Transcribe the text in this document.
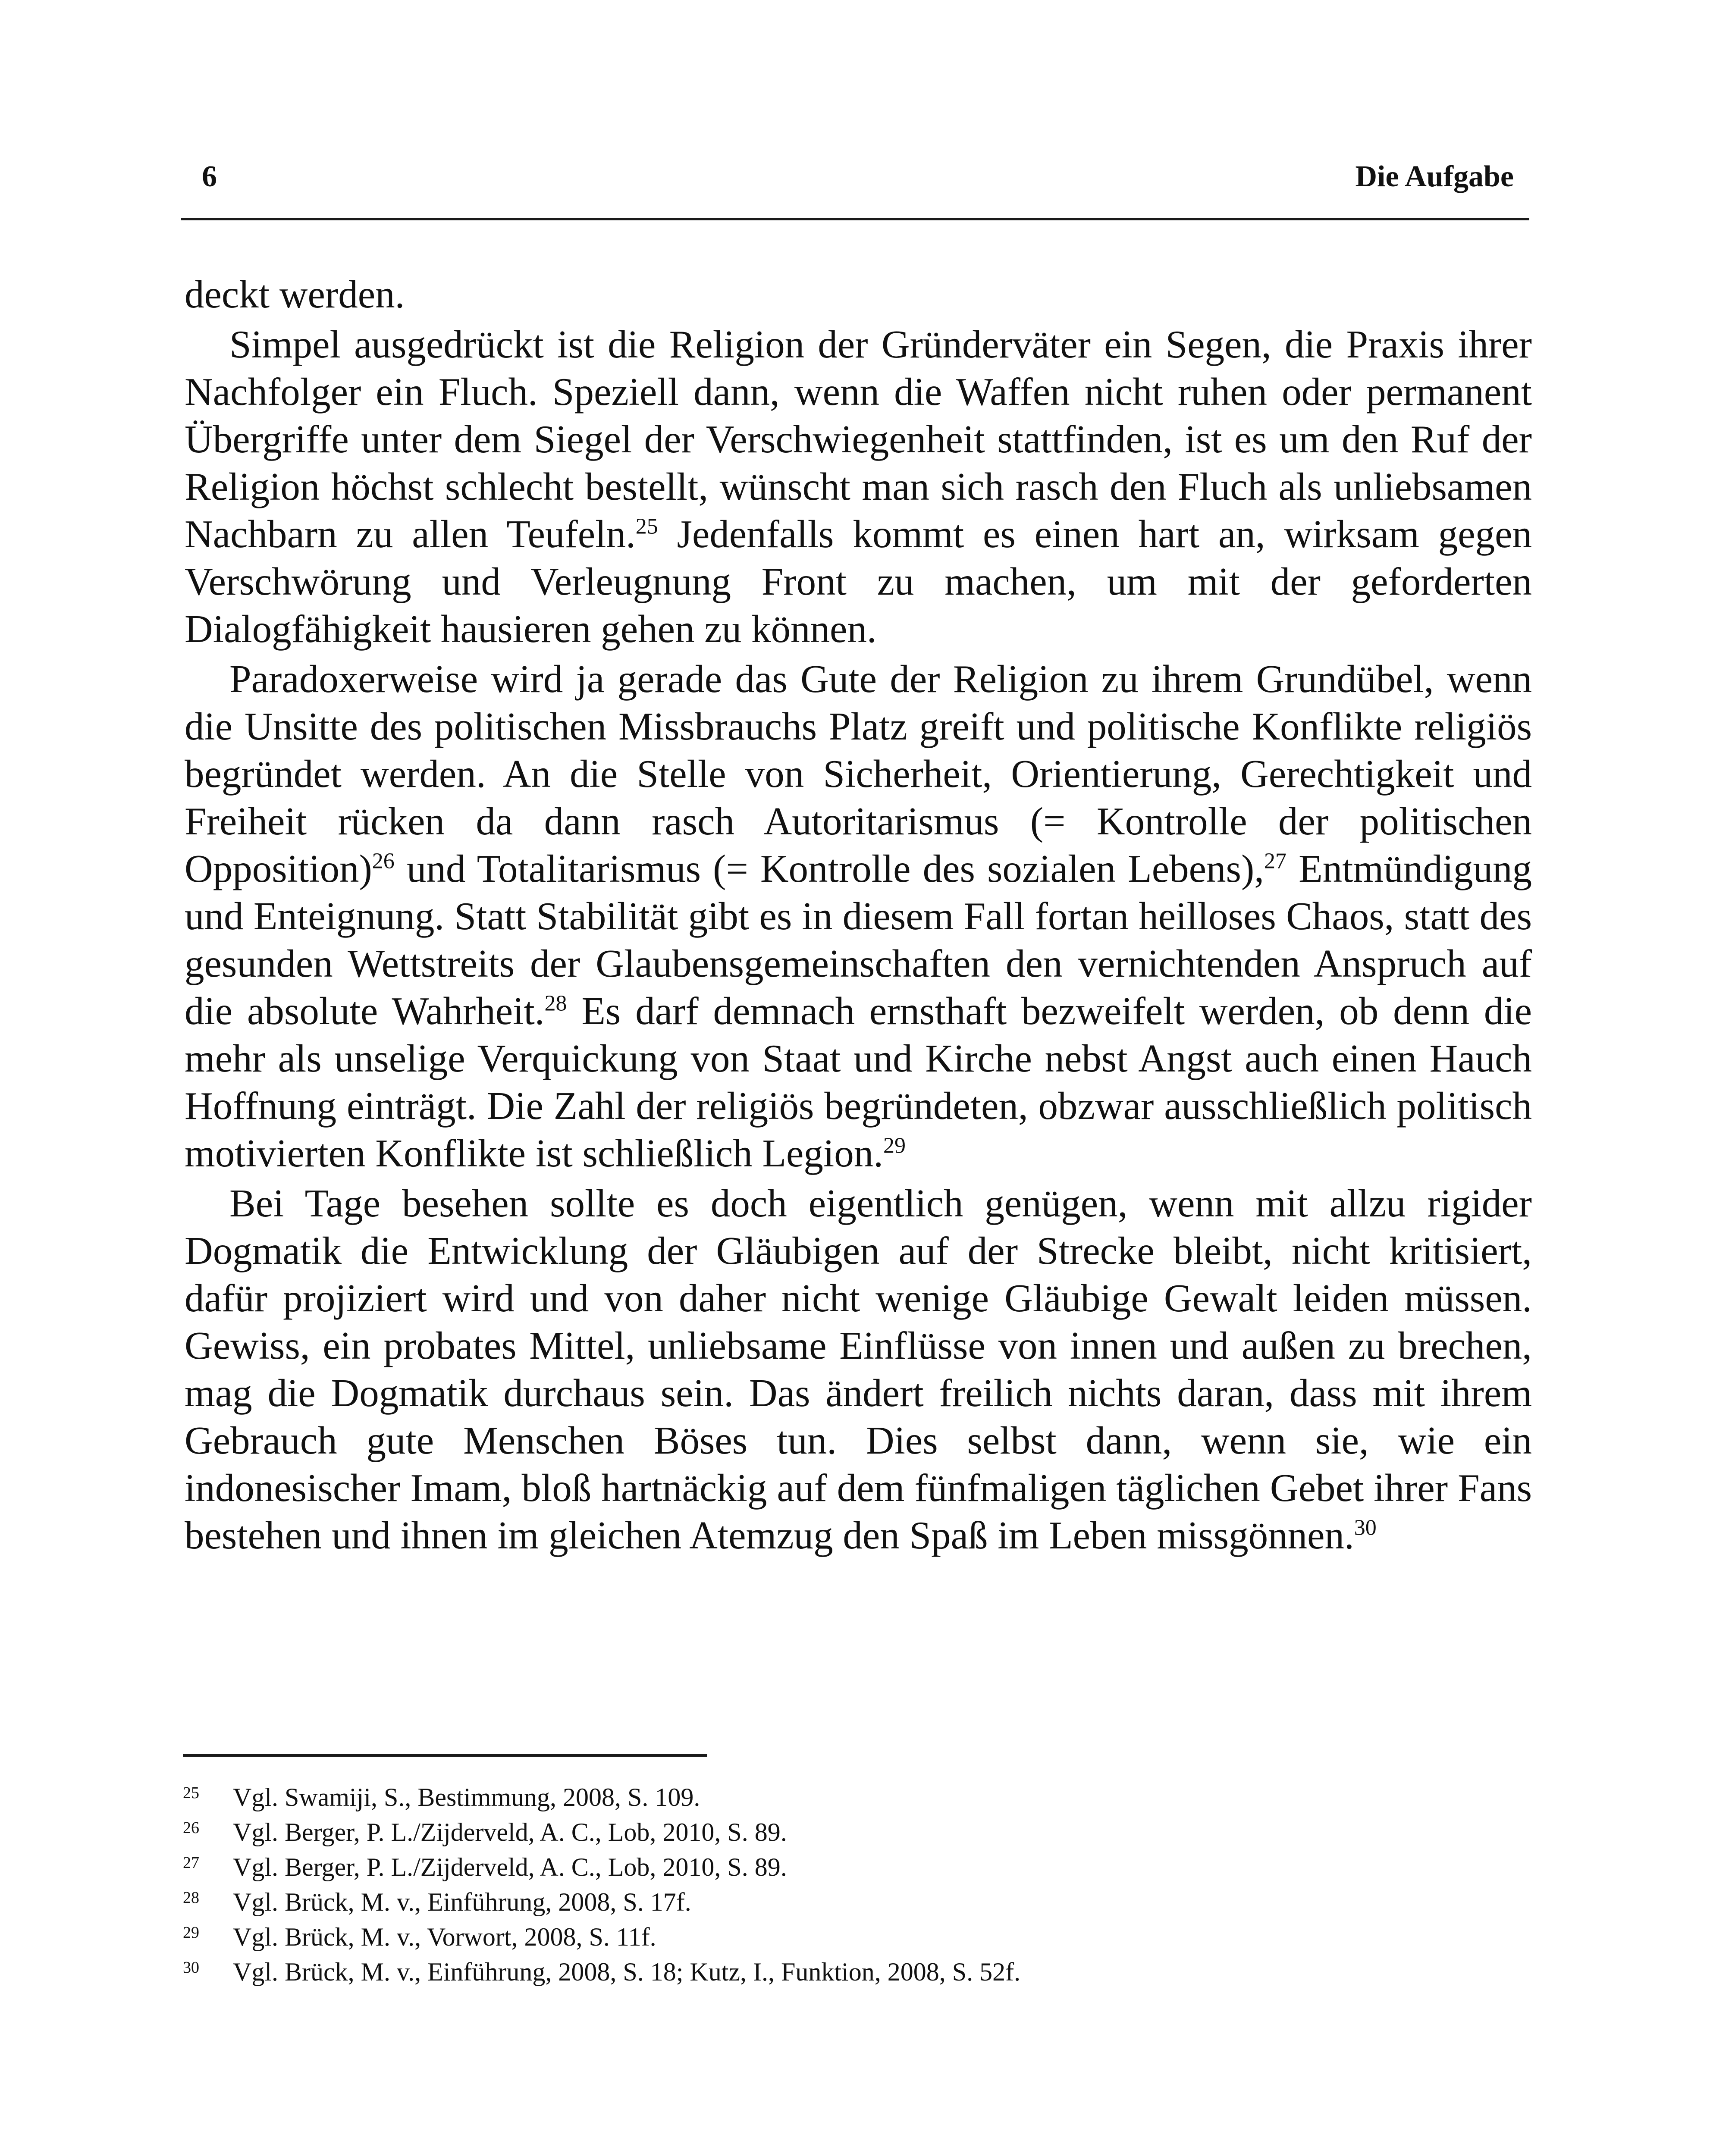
6	Die Aufgabe

deckt werden.

Simpel ausgedrückt ist die Religion der Gründerväter ein Segen, die Praxis ihrer Nachfolger ein Fluch. Speziell dann, wenn die Waffen nicht ruhen oder permanent Übergriffe unter dem Siegel der Verschwiegenheit stattfinden, ist es um den Ruf der Religion höchst schlecht bestellt, wünscht man sich rasch den Fluch als unliebsamen Nachbarn zu allen Teufeln.$^{25}$ Jedenfalls kommt es einen hart an, wirksam gegen Verschwörung und Verleugnung Front zu machen, um mit der geforderten Dialogfähigkeit hausieren gehen zu können.

Paradoxerweise wird ja gerade das Gute der Religion zu ihrem Grundübel, wenn die Unsitte des politischen Missbrauchs Platz greift und politische Konflikte religiös begründet werden. An die Stelle von Sicherheit, Orientierung, Gerechtigkeit und Freiheit rücken da dann rasch Autoritarismus (= Kontrolle der politischen Opposition)$^{26}$ und Totalitarismus (= Kontrolle des sozialen Lebens),$^{27}$ Entmündigung und Enteignung. Statt Stabilität gibt es in diesem Fall fortan heilloses Chaos, statt des gesunden Wettstreits der Glaubensgemeinschaften den vernichtenden Anspruch auf die absolute Wahrheit.$^{28}$ Es darf demnach ernsthaft bezweifelt werden, ob denn die mehr als unselige Verquickung von Staat und Kirche nebst Angst auch einen Hauch Hoffnung einträgt. Die Zahl der religiös begründeten, obzwar ausschließlich politisch motivierten Konflikte ist schließlich Legion.$^{29}$

Bei Tage besehen sollte es doch eigentlich genügen, wenn mit allzu rigider Dogmatik die Entwicklung der Gläubigen auf der Strecke bleibt, nicht kritisiert, dafür projiziert wird und von daher nicht wenige Gläubige Gewalt leiden müssen. Gewiss, ein probates Mittel, unliebsame Einflüsse von innen und außen zu brechen, mag die Dogmatik durchaus sein. Das ändert freilich nichts daran, dass mit ihrem Gebrauch gute Menschen Böses tun. Dies selbst dann, wenn sie, wie ein indonesischer Imam, bloß hartnäckig auf dem fünfmaligen täglichen Gebet ihrer Fans bestehen und ihnen im gleichen Atemzug den Spaß im Leben missgönnen.$^{30}$

25 Vgl. Swamiji, S., Bestimmung, 2008, S. 109.
26 Vgl. Berger, P. L./Zijderveld, A. C., Lob, 2010, S. 89.
27 Vgl. Berger, P. L./Zijderveld, A. C., Lob, 2010, S. 89.
28 Vgl. Brück, M. v., Einführung, 2008, S. 17f.
29 Vgl. Brück, M. v., Vorwort, 2008, S. 11f.
30 Vgl. Brück, M. v., Einführung, 2008, S. 18; Kutz, I., Funktion, 2008, S. 52f.
